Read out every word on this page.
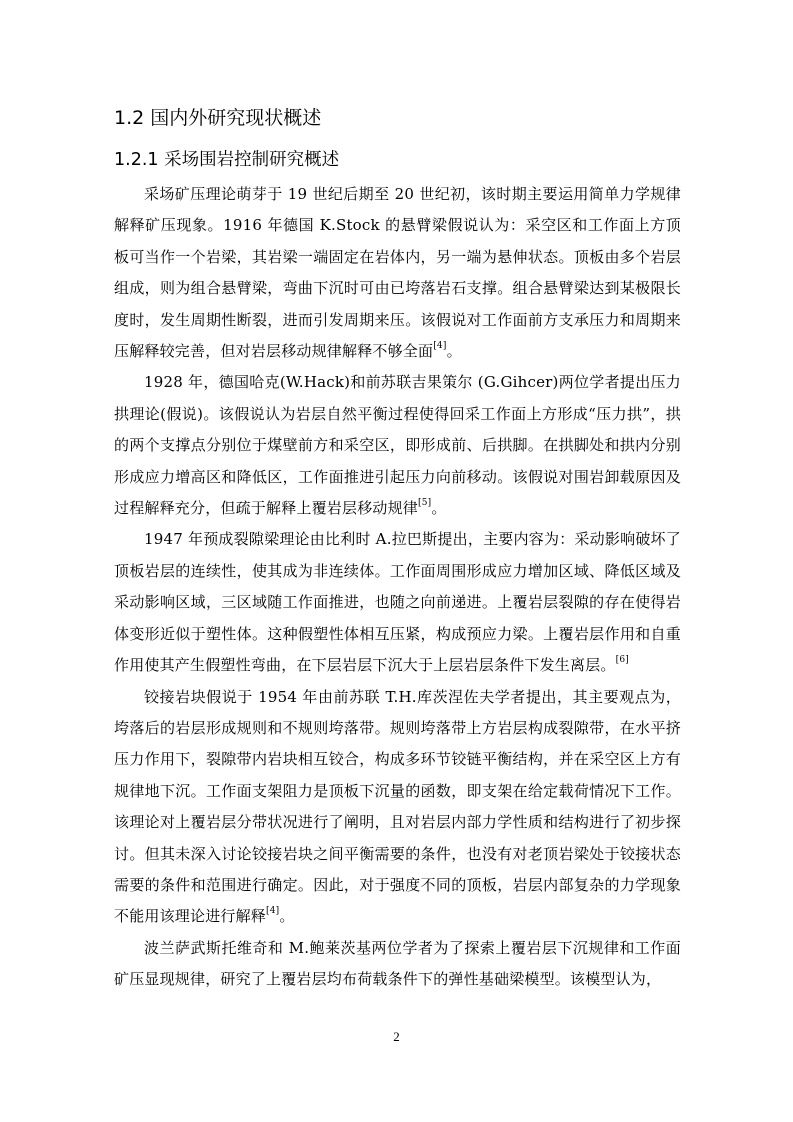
1.2 国内外研究现状概述
1.2.1 采场围岩控制研究概述

采场矿压理论萌芽于 19 世纪后期至 20 世纪初，该时期主要运用简单力学规律解释矿压现象。1916 年德国 K.Stock 的悬臂梁假说认为：采空区和工作面上方顶板可当作一个岩梁，其岩梁一端固定在岩体内，另一端为悬伸状态。顶板由多个岩层组成，则为组合悬臂梁，弯曲下沉时可由已垮落岩石支撑。组合悬臂梁达到某极限长度时，发生周期性断裂，进而引发周期来压。该假说对工作面前方支承压力和周期来压解释较完善，但对岩层移动规律解释不够全面[4]。

1928 年，德国哈克(W.Hack)和前苏联吉果策尔 (G.Gihcer)两位学者提出压力拱理论(假说)。该假说认为岩层自然平衡过程使得回采工作面上方形成“压力拱”，拱的两个支撑点分别位于煤壁前方和采空区，即形成前、后拱脚。在拱脚处和拱内分别形成应力增高区和降低区，工作面推进引起压力向前移动。该假说对围岩卸载原因及过程解释充分，但疏于解释上覆岩层移动规律[5]。

1947 年预成裂隙梁理论由比利时 A.拉巴斯提出，主要内容为：采动影响破坏了顶板岩层的连续性，使其成为非连续体。工作面周围形成应力增加区域、降低区域及采动影响区域，三区域随工作面推进，也随之向前递进。上覆岩层裂隙的存在使得岩体变形近似于塑性体。这种假塑性体相互压紧，构成预应力梁。上覆岩层作用和自重作用使其产生假塑性弯曲，在下层岩层下沉大于上层岩层条件下发生离层。[6]

铰接岩块假说于 1954 年由前苏联 T.H.库茨涅佐夫学者提出，其主要观点为，垮落后的岩层形成规则和不规则垮落带。规则垮落带上方岩层构成裂隙带，在水平挤压力作用下，裂隙带内岩块相互铰合，构成多环节铰链平衡结构，并在采空区上方有规律地下沉。工作面支架阻力是顶板下沉量的函数，即支架在给定载荷情况下工作。该理论对上覆岩层分带状况进行了阐明，且对岩层内部力学性质和结构进行了初步探讨。但其未深入讨论铰接岩块之间平衡需要的条件，也没有对老顶岩梁处于铰接状态需要的条件和范围进行确定。因此，对于强度不同的顶板，岩层内部复杂的力学现象不能用该理论进行解释[4]。

波兰萨武斯托维奇和 M.鲍莱茨基两位学者为了探索上覆岩层下沉规律和工作面矿压显现规律，研究了上覆岩层均布荷载条件下的弹性基础梁模型。该模型认为，

2
